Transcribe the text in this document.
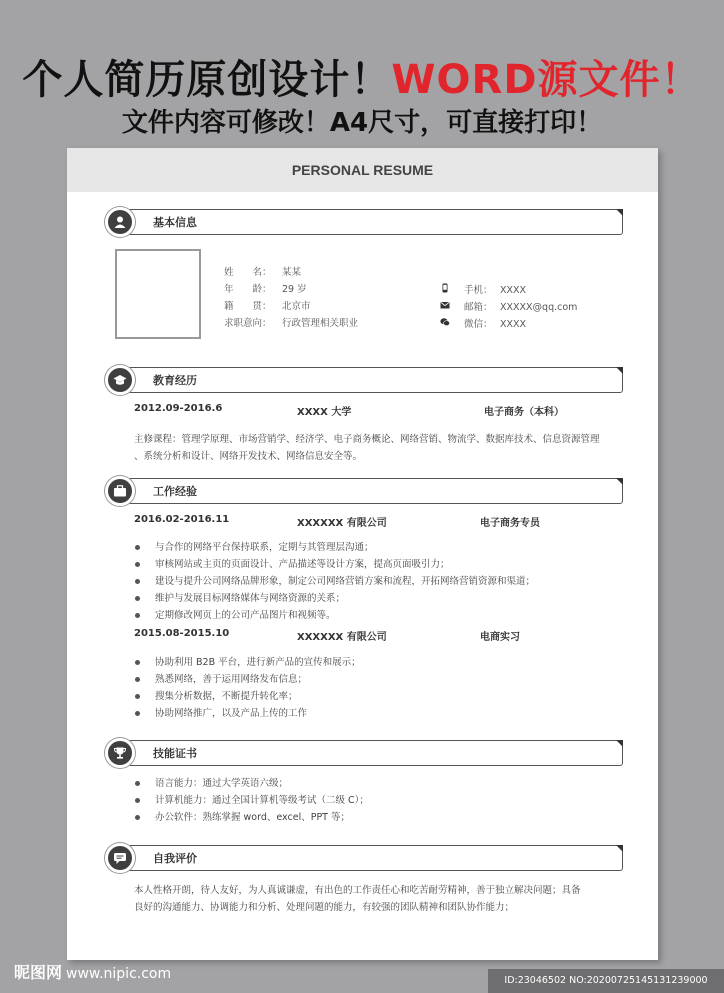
个人简历原创设计！WORD源文件！
文件内容可修改！A4尺寸，可直接打印！
PERSONAL RESUME
基本信息
姓　　名： 某某
年　　龄： 29 岁
籍　　贯： 北京市
求职意向： 行政管理相关职业
手机： XXXX
邮箱： XXXXX@qq.com
微信： XXXX
教育经历
2012.09-2016.6	XXXX 大学	电子商务（本科）
主修课程：管理学原理、市场营销学、经济学、电子商务概论、网络营销、物流学、数据库技术、信息资源管理
、系统分析和设计、网络开发技术、网络信息安全等。
工作经验
2016.02-2016.11	XXXXXX 有限公司	电子商务专员
与合作的网络平台保持联系，定期与其管理层沟通；
审核网站或主页的页面设计、产品描述等设计方案，提高页面吸引力；
建设与提升公司网络品牌形象，制定公司网络营销方案和流程，开拓网络营销资源和渠道；
维护与发展目标网络媒体与网络资源的关系；
定期修改网页上的公司产品图片和视频等。
2015.08-2015.10	XXXXXX 有限公司	电商实习
协助利用 B2B 平台，进行新产品的宣传和展示；
熟悉网络，善于运用网络发布信息；
搜集分析数据，不断提升转化率；
协助网络推广，以及产品上传的工作
技能证书
语言能力：通过大学英语六级；
计算机能力：通过全国计算机等级考试（二级 C）；
办公软件：熟练掌握 word、excel、PPT 等；
自我评价
本人性格开朗，待人友好，为人真诚谦虚，有出色的工作责任心和吃苦耐劳精神，善于独立解决问题；具备
良好的沟通能力、协调能力和分析、处理问题的能力，有较强的团队精神和团队协作能力；
昵图网 www.nipic.com	ID:23046502 NO:20200725145131239000
